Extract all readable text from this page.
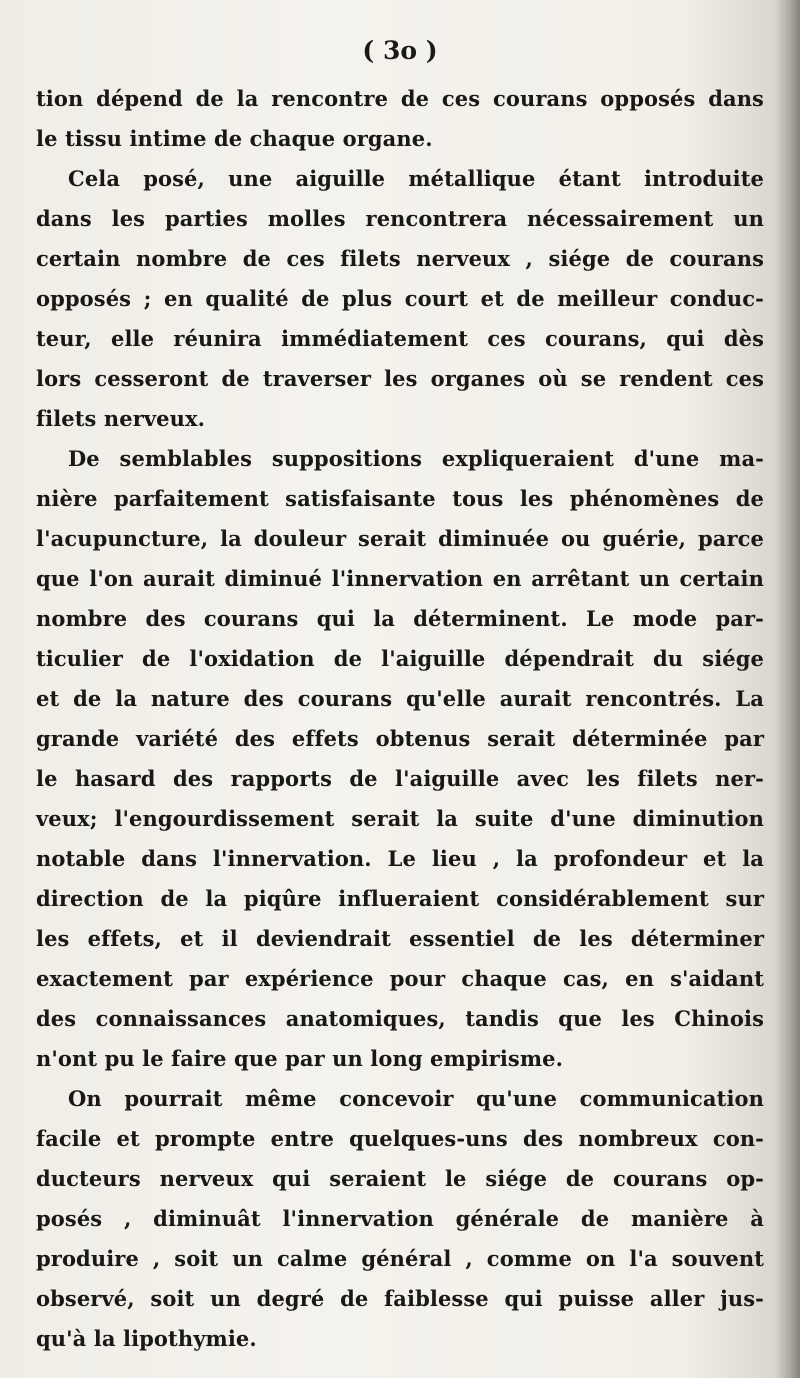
( 3o )
tion dépend de la rencontre de ces courans opposés dans
le tissu intime de chaque organe.
Cela posé, une aiguille métallique étant introduite
dans les parties molles rencontrera nécessairement un
certain nombre de ces filets nerveux , siége de courans
opposés ; en qualité de plus court et de meilleur conduc-
teur, elle réunira immédiatement ces courans, qui dès
lors cesseront de traverser les organes où se rendent ces
filets nerveux.
De semblables suppositions expliqueraient d'une ma-
nière parfaitement satisfaisante tous les phénomènes de
l'acupuncture, la douleur serait diminuée ou guérie, parce
que l'on aurait diminué l'innervation en arrêtant un certain
nombre des courans qui la déterminent. Le mode par-
ticulier de l'oxidation de l'aiguille dépendrait du siége
et de la nature des courans qu'elle aurait rencontrés. La
grande variété des effets obtenus serait déterminée par
le hasard des rapports de l'aiguille avec les filets ner-
veux; l'engourdissement serait la suite d'une diminution
notable dans l'innervation. Le lieu , la profondeur et la
direction de la piqûre influeraient considérablement sur
les effets, et il deviendrait essentiel de les déterminer
exactement par expérience pour chaque cas, en s'aidant
des connaissances anatomiques, tandis que les Chinois
n'ont pu le faire que par un long empirisme.
On pourrait même concevoir qu'une communication
facile et prompte entre quelques-uns des nombreux con-
ducteurs nerveux qui seraient le siége de courans op-
posés , diminuât l'innervation générale de manière à
produire , soit un calme général , comme on l'a souvent
observé, soit un degré de faiblesse qui puisse aller jus-
qu'à la lipothymie.
